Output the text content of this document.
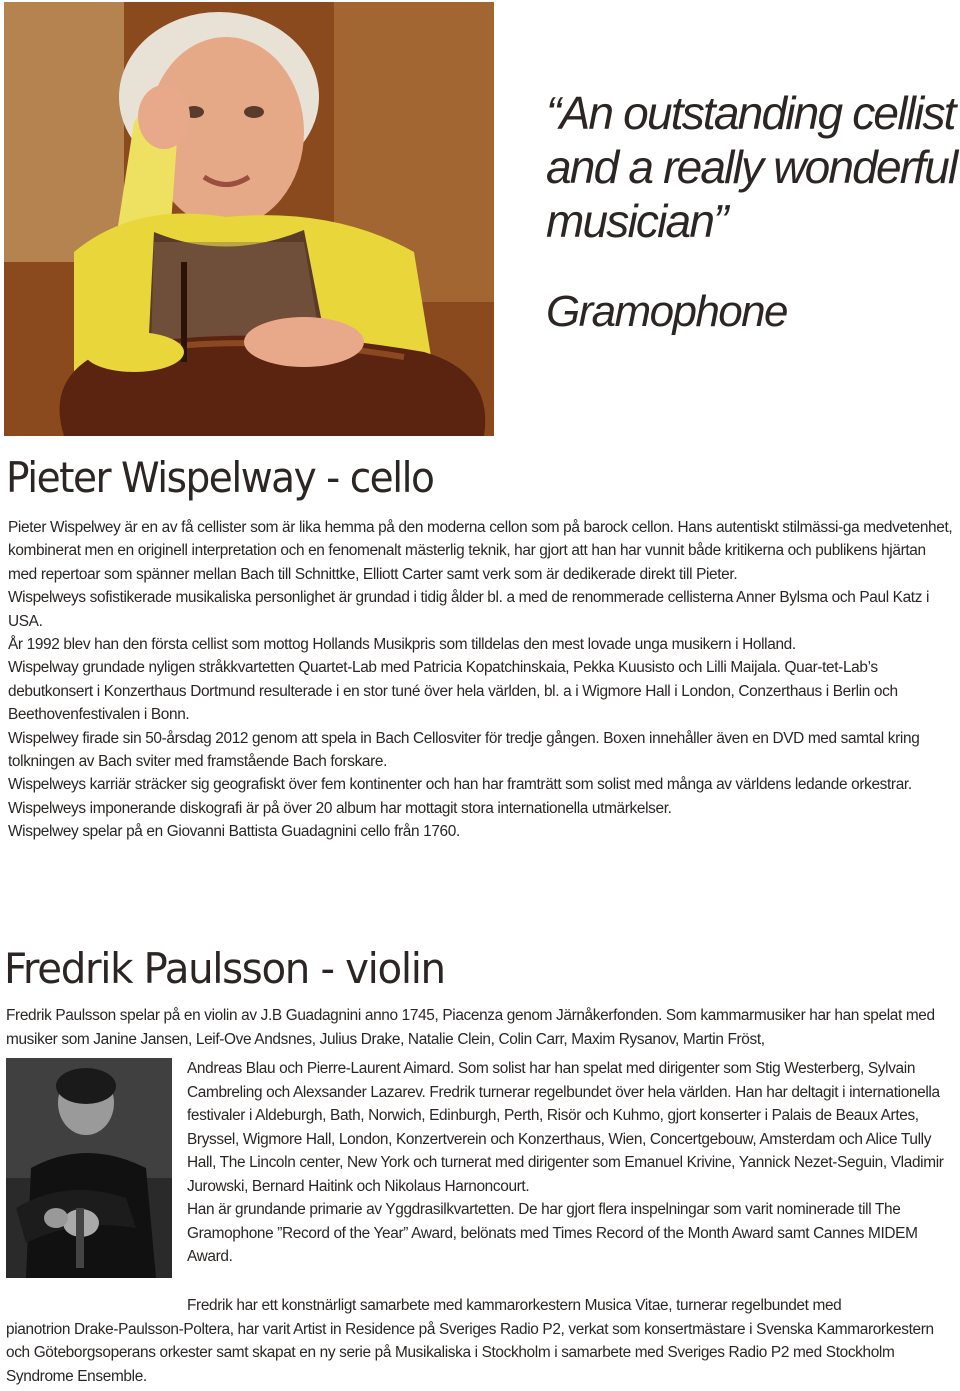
“An outstanding cellist
and a really wonderful
musician”
Gramophone
Pieter Wispelway - cello

Pieter Wispelwey är en av få cellister som är lika hemma på den moderna cellon som på barock cellon. Hans autentiskt stilmässi-ga medvetenhet, kombinerat men en originell interpretation och en fenomenalt mästerlig teknik, har gjort att han har vunnit både kritikerna och publikens hjärtan med repertoar som spänner mellan Bach till Schnittke, Elliott Carter samt verk som är dedikerade direkt till Pieter.

Wispelweys sofistikerade musikaliska personlighet är grundad i tidig ålder bl. a med de renommerade cellisterna Anner Bylsma och Paul Katz i USA.

År 1992 blev han den första cellist som mottog Hollands Musikpris som tilldelas den mest lovade unga musikern i Holland.

Wispelway grundade nyligen stråkkvartetten Quartet-Lab med Patricia Kopatchinskaia, Pekka Kuusisto och Lilli Maijala. Quar-tet-Lab’s debutkonsert i Konzerthaus Dortmund resulterade i en stor tuné över hela världen, bl. a i Wigmore Hall i London, Conzerthaus i Berlin och Beethovenfestivalen i Bonn.

Wispelwey firade sin 50-årsdag 2012 genom att spela in Bach Cellosviter för tredje gången. Boxen innehåller även en DVD med samtal kring tolkningen av Bach sviter med framstående Bach forskare.

Wispelweys karriär sträcker sig geografiskt över fem kontinenter och han har framträtt som solist med många av världens ledande orkestrar.

Wispelweys imponerande diskografi är på över 20 album har mottagit stora internationella utmärkelser.

Wispelwey spelar på en Giovanni Battista Guadagnini cello från 1760.

Fredrik Paulsson - violin

Fredrik Paulsson spelar på en violin av J.B Guadagnini anno 1745, Piacenza genom Järnåkerfonden. Som kammarmusiker har han spelat med musiker som Janine Jansen, Leif-Ove Andsnes, Julius Drake, Natalie Clein, Colin Carr, Maxim Rysanov, Martin Fröst,

Andreas Blau och Pierre-Laurent Aimard. Som solist har han spelat med dirigenter som Stig Westerberg, Sylvain Cambreling och Alexsander Lazarev. Fredrik turnerar regelbundet över hela världen. Han har deltagit i internationella festivaler i Aldeburgh, Bath, Norwich, Edinburgh, Perth, Risör och Kuhmo, gjort konserter i Palais de Beaux Artes, Bryssel, Wigmore Hall, London, Konzertverein och Konzerthaus, Wien, Concertgebouw, Amsterdam och Alice Tully Hall, The Lincoln center, New York och turnerat med dirigenter som Emanuel Krivine, Yannick Nezet-Seguin, Vladimir Jurowski, Bernard Haitink och Nikolaus Harnoncourt.

Han är grundande primarie av Yggdrasilkvartetten. De har gjort flera inspelningar som varit nominerade till The Gramophone ”Record of the Year” Award, belönats med Times Record of the Month Award samt Cannes MIDEM Award.

Fredrik har ett konstnärligt samarbete med kammarorkestern Musica Vitae, turnerar regelbundet med

pianotrion Drake-Paulsson-Poltera, har varit Artist in Residence på Sveriges Radio P2, verkat som konsertmästare i Svenska Kammarorkestern och Göteborgsoperans orkester samt skapat en ny serie på Musikaliska i Stockholm i samarbete med Sveriges Radio P2 med Stockholm Syndrome Ensemble.
